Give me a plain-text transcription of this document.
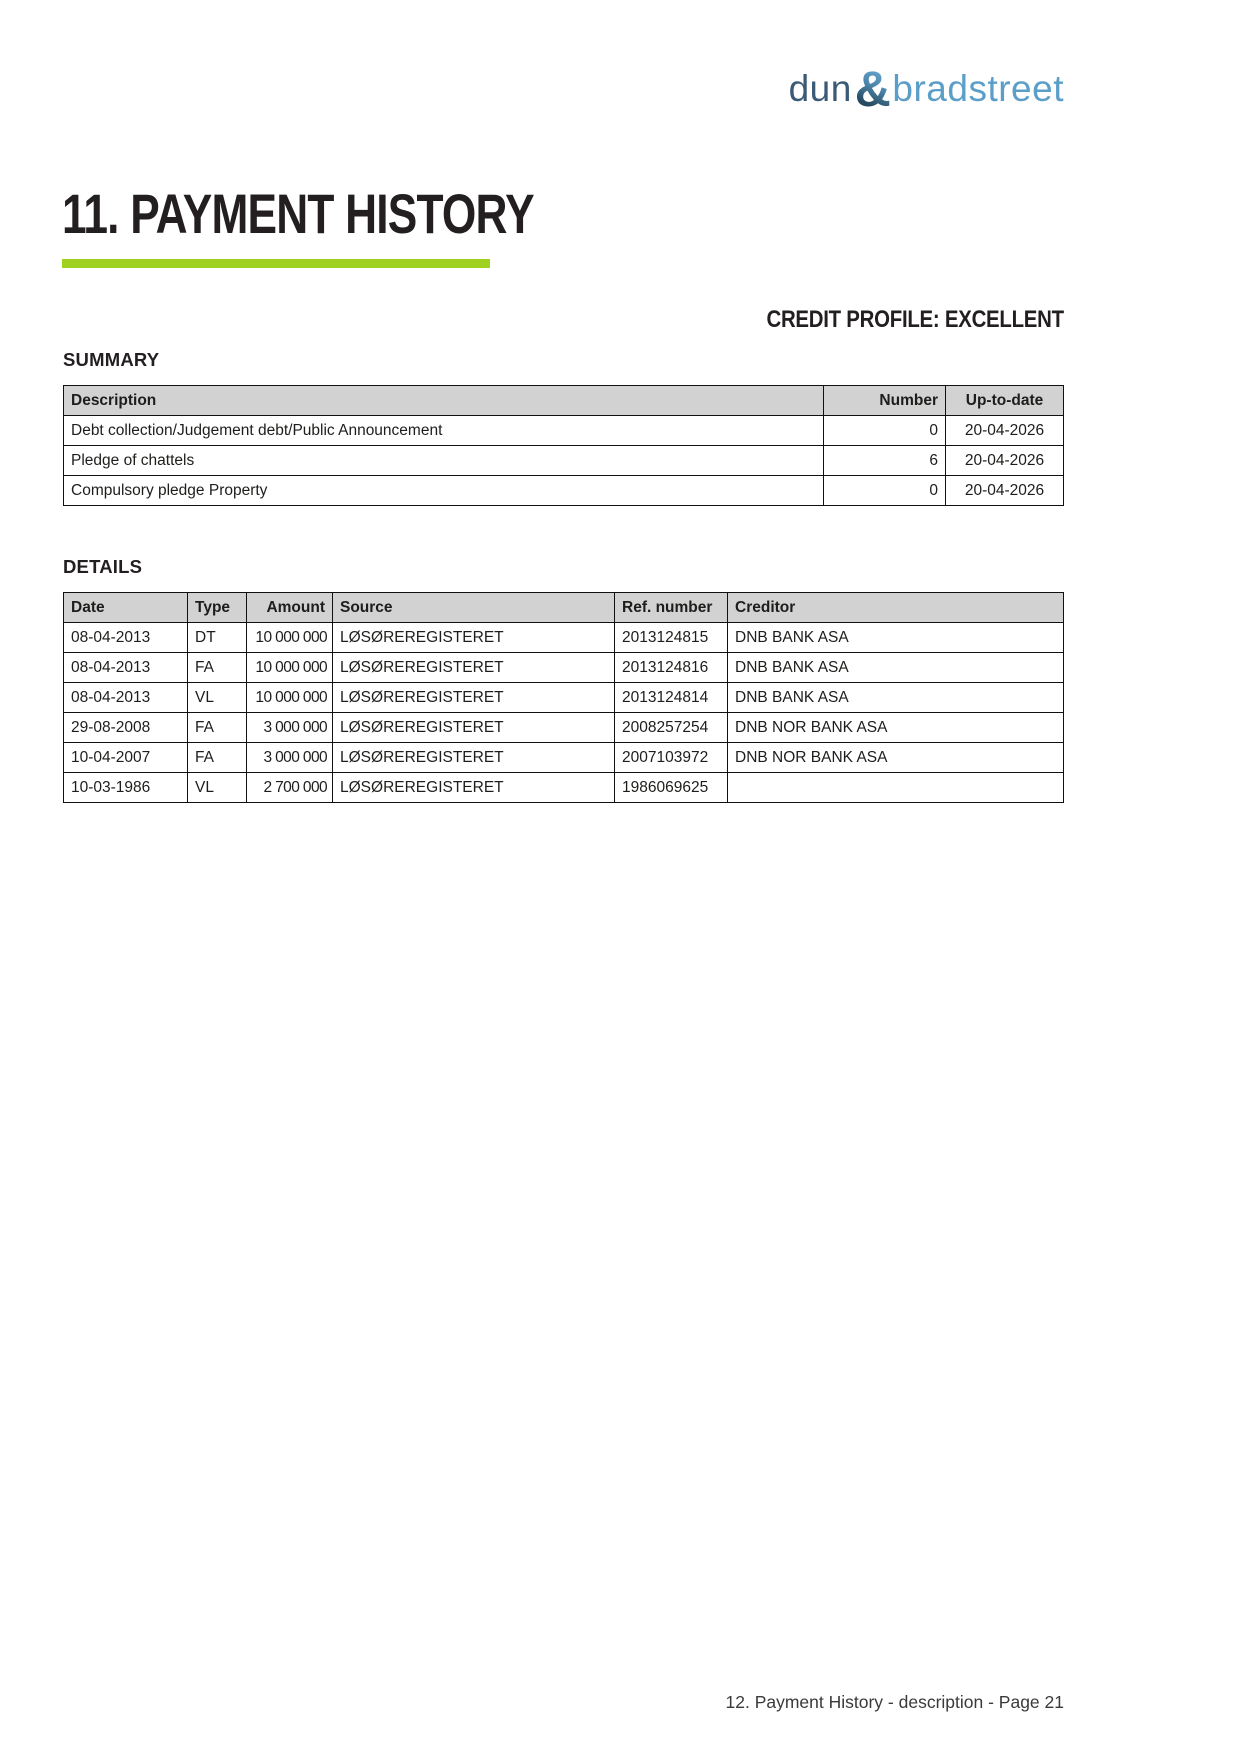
dun&bradstreet
11. PAYMENT HISTORY
CREDIT PROFILE: EXCELLENT
SUMMARY
Description	Number	Up-to-date
Debt collection/Judgement debt/Public Announcement	0	20-04-2026
Pledge of chattels	6	20-04-2026
Compulsory pledge Property	0	20-04-2026
DETAILS
Date	Type	Amount	Source	Ref. number	Creditor
08-04-2013	DT	10 000 000	LØSØREREGISTERET	2013124815	DNB BANK ASA
08-04-2013	FA	10 000 000	LØSØREREGISTERET	2013124816	DNB BANK ASA
08-04-2013	VL	10 000 000	LØSØREREGISTERET	2013124814	DNB BANK ASA
29-08-2008	FA	3 000 000	LØSØREREGISTERET	2008257254	DNB NOR BANK ASA
10-04-2007	FA	3 000 000	LØSØREREGISTERET	2007103972	DNB NOR BANK ASA
10-03-1986	VL	2 700 000	LØSØREREGISTERET	1986069625	
12. Payment History - description - Page 21
